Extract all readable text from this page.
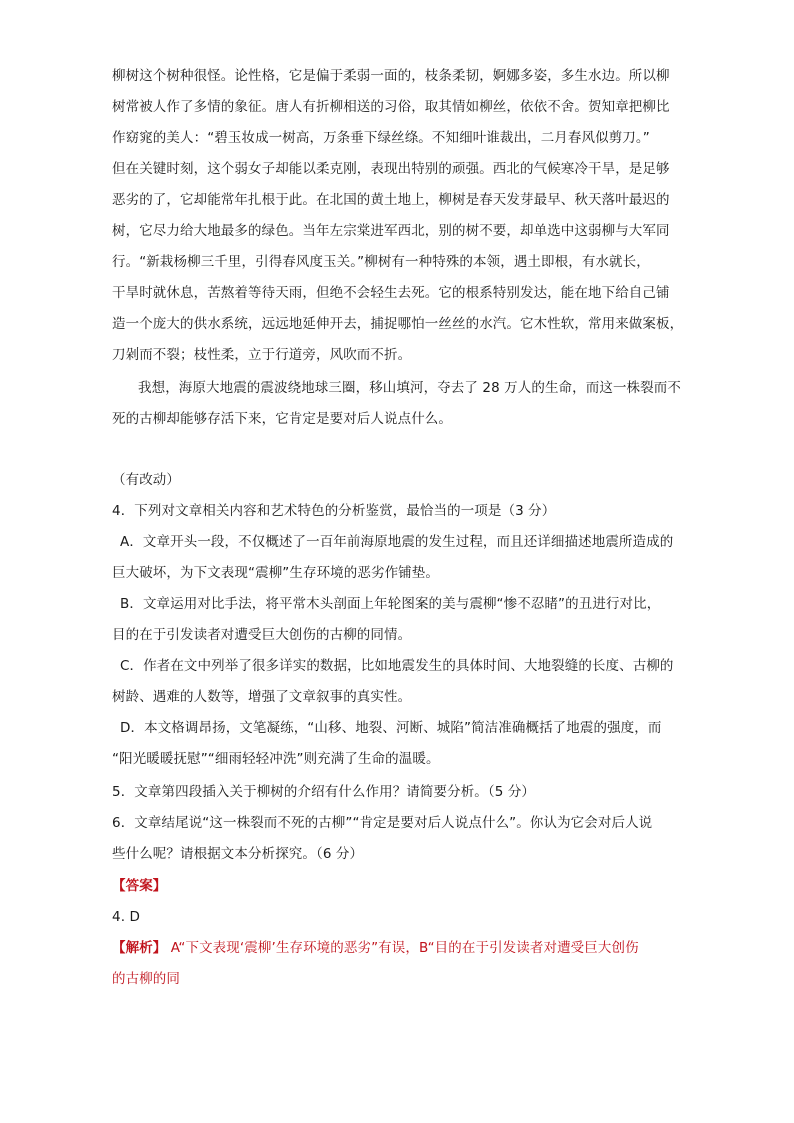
柳树这个树种很怪。论性格，它是偏于柔弱一面的，枝条柔韧，婀娜多姿，多生水边。所以柳
树常被人作了多情的象征。唐人有折柳相送的习俗，取其情如柳丝，依依不舍。贺知章把柳比
作窈窕的美人：“碧玉妆成一树高，万条垂下绿丝绦。不知细叶谁裁出，二月春风似剪刀。”
但在关键时刻，这个弱女子却能以柔克刚，表现出特别的顽强。西北的气候寒冷干旱，是足够
恶劣的了，它却能常年扎根于此。在北国的黄土地上，柳树是春天发芽最早、秋天落叶最迟的
树，它尽力给大地最多的绿色。当年左宗棠进军西北，别的树不要，却单选中这弱柳与大军同
行。“新栽杨柳三千里，引得春风度玉关。”柳树有一种特殊的本领，遇土即根，有水就长，
干旱时就休息，苦熬着等待天雨，但绝不会轻生去死。它的根系特别发达，能在地下给自己铺
造一个庞大的供水系统，远远地延伸开去，捕捉哪怕一丝丝的水汽。它木性软，常用来做案板，
刀剁而不裂；枝性柔，立于行道旁，风吹而不折。
我想，海原大地震的震波绕地球三圈，移山填河，夺去了 28 万人的生命，而这一株裂而不
死的古柳却能够存活下来，它肯定是要对后人说点什么。
（有改动）
4．下列对文章相关内容和艺术特色的分析鉴赏，最恰当的一项是（3 分）
A．文章开头一段，不仅概述了一百年前海原地震的发生过程，而且还详细描述地震所造成的
巨大破坏，为下文表现“震柳”生存环境的恶劣作铺垫。
B．文章运用对比手法，将平常木头剖面上年轮图案的美与震柳“惨不忍睹”的丑进行对比，
目的在于引发读者对遭受巨大创伤的古柳的同情。
C．作者在文中列举了很多详实的数据，比如地震发生的具体时间、大地裂缝的长度、古柳的
树龄、遇难的人数等，增强了文章叙事的真实性。
D．本文格调昂扬，文笔凝练，“山移、地裂、河断、城陷”简洁准确概括了地震的强度，而
“阳光暖暖抚慰”“细雨轻轻冲洗”则充满了生命的温暖。
5．文章第四段插入关于柳树的介绍有什么作用？请简要分析。（5 分）
6．文章结尾说“这一株裂而不死的古柳”“肯定是要对后人说点什么”。你认为它会对后人说
些什么呢？请根据文本分析探究。（6 分）
【答案】
4. D
【解析】 A“下文表现‘震柳’生存环境的恶劣”有误，B“目的在于引发读者对遭受巨大创伤
的古柳的同
